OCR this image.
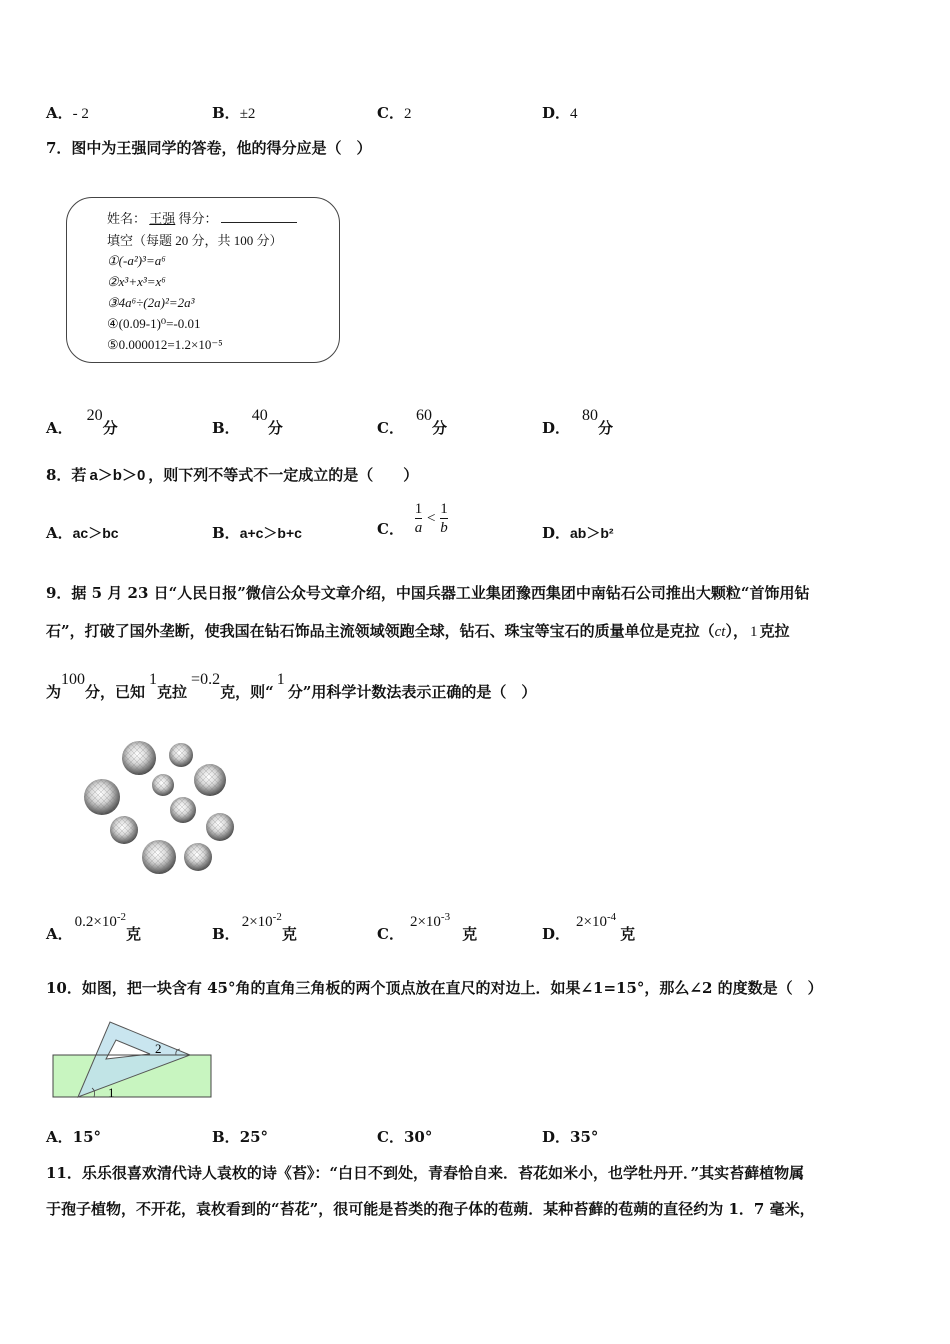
A．- 2	B．±2	C．2	D．4
7．图中为王强同学的答卷，他的得分应是（　）
姓名： 王强 得分：
填空（每题 20 分，共 100 分）
①(-a²)³=a⁶
②x³+x³=x⁶
③4a⁶÷(2a)²=2a³
④(0.09-1)⁰=-0.01
⑤0.000012=1.2×10⁻⁵
A．20分	B．40分	C．60分	D．80分
8．若 a＞b＞0 ，则下列不等式不一定成立的是（　　）
A．ac＞bc	B．a+c＞b+c	C． $\frac{1}{a} < \frac{1}{b}$	D．ab＞b²
9．据 5 月 23 日“人民日报”微信公众号文章介绍，中国兵器工业集团豫西集团中南钻石公司推出大颗粒“首饰用钻
石”，打破了国外垄断，使我国在钻石饰品主流领域领跑全球，钻石、珠宝等宝石的质量单位是克拉（ct）， 1 克拉
为100分，已知1克拉=0.2克，则“1分”用科学计数法表示正确的是（　）
A．$0.2\times 10^{-2}$克	B．$2\times 10^{-2}$克	C．$2\times 10^{-3}$克	D．$2\times 10^{-4}$克
10．如图，把一块含有 45°角的直角三角板的两个顶点放在直尺的对边上．如果∠1=15°，那么∠2 的度数是（　）
2
1
A．15°	B．25°	C．30°	D．35°
11．乐乐很喜欢清代诗人袁枚的诗《苔》：“白日不到处，青春恰自来．苔花如米小，也学牡丹开．”其实苔藓植物属
于孢子植物，不开花，袁枚看到的“苔花”，很可能是苔类的孢子体的苞蒴．某种苔藓的苞蒴的直径约为 1．7 毫米，
